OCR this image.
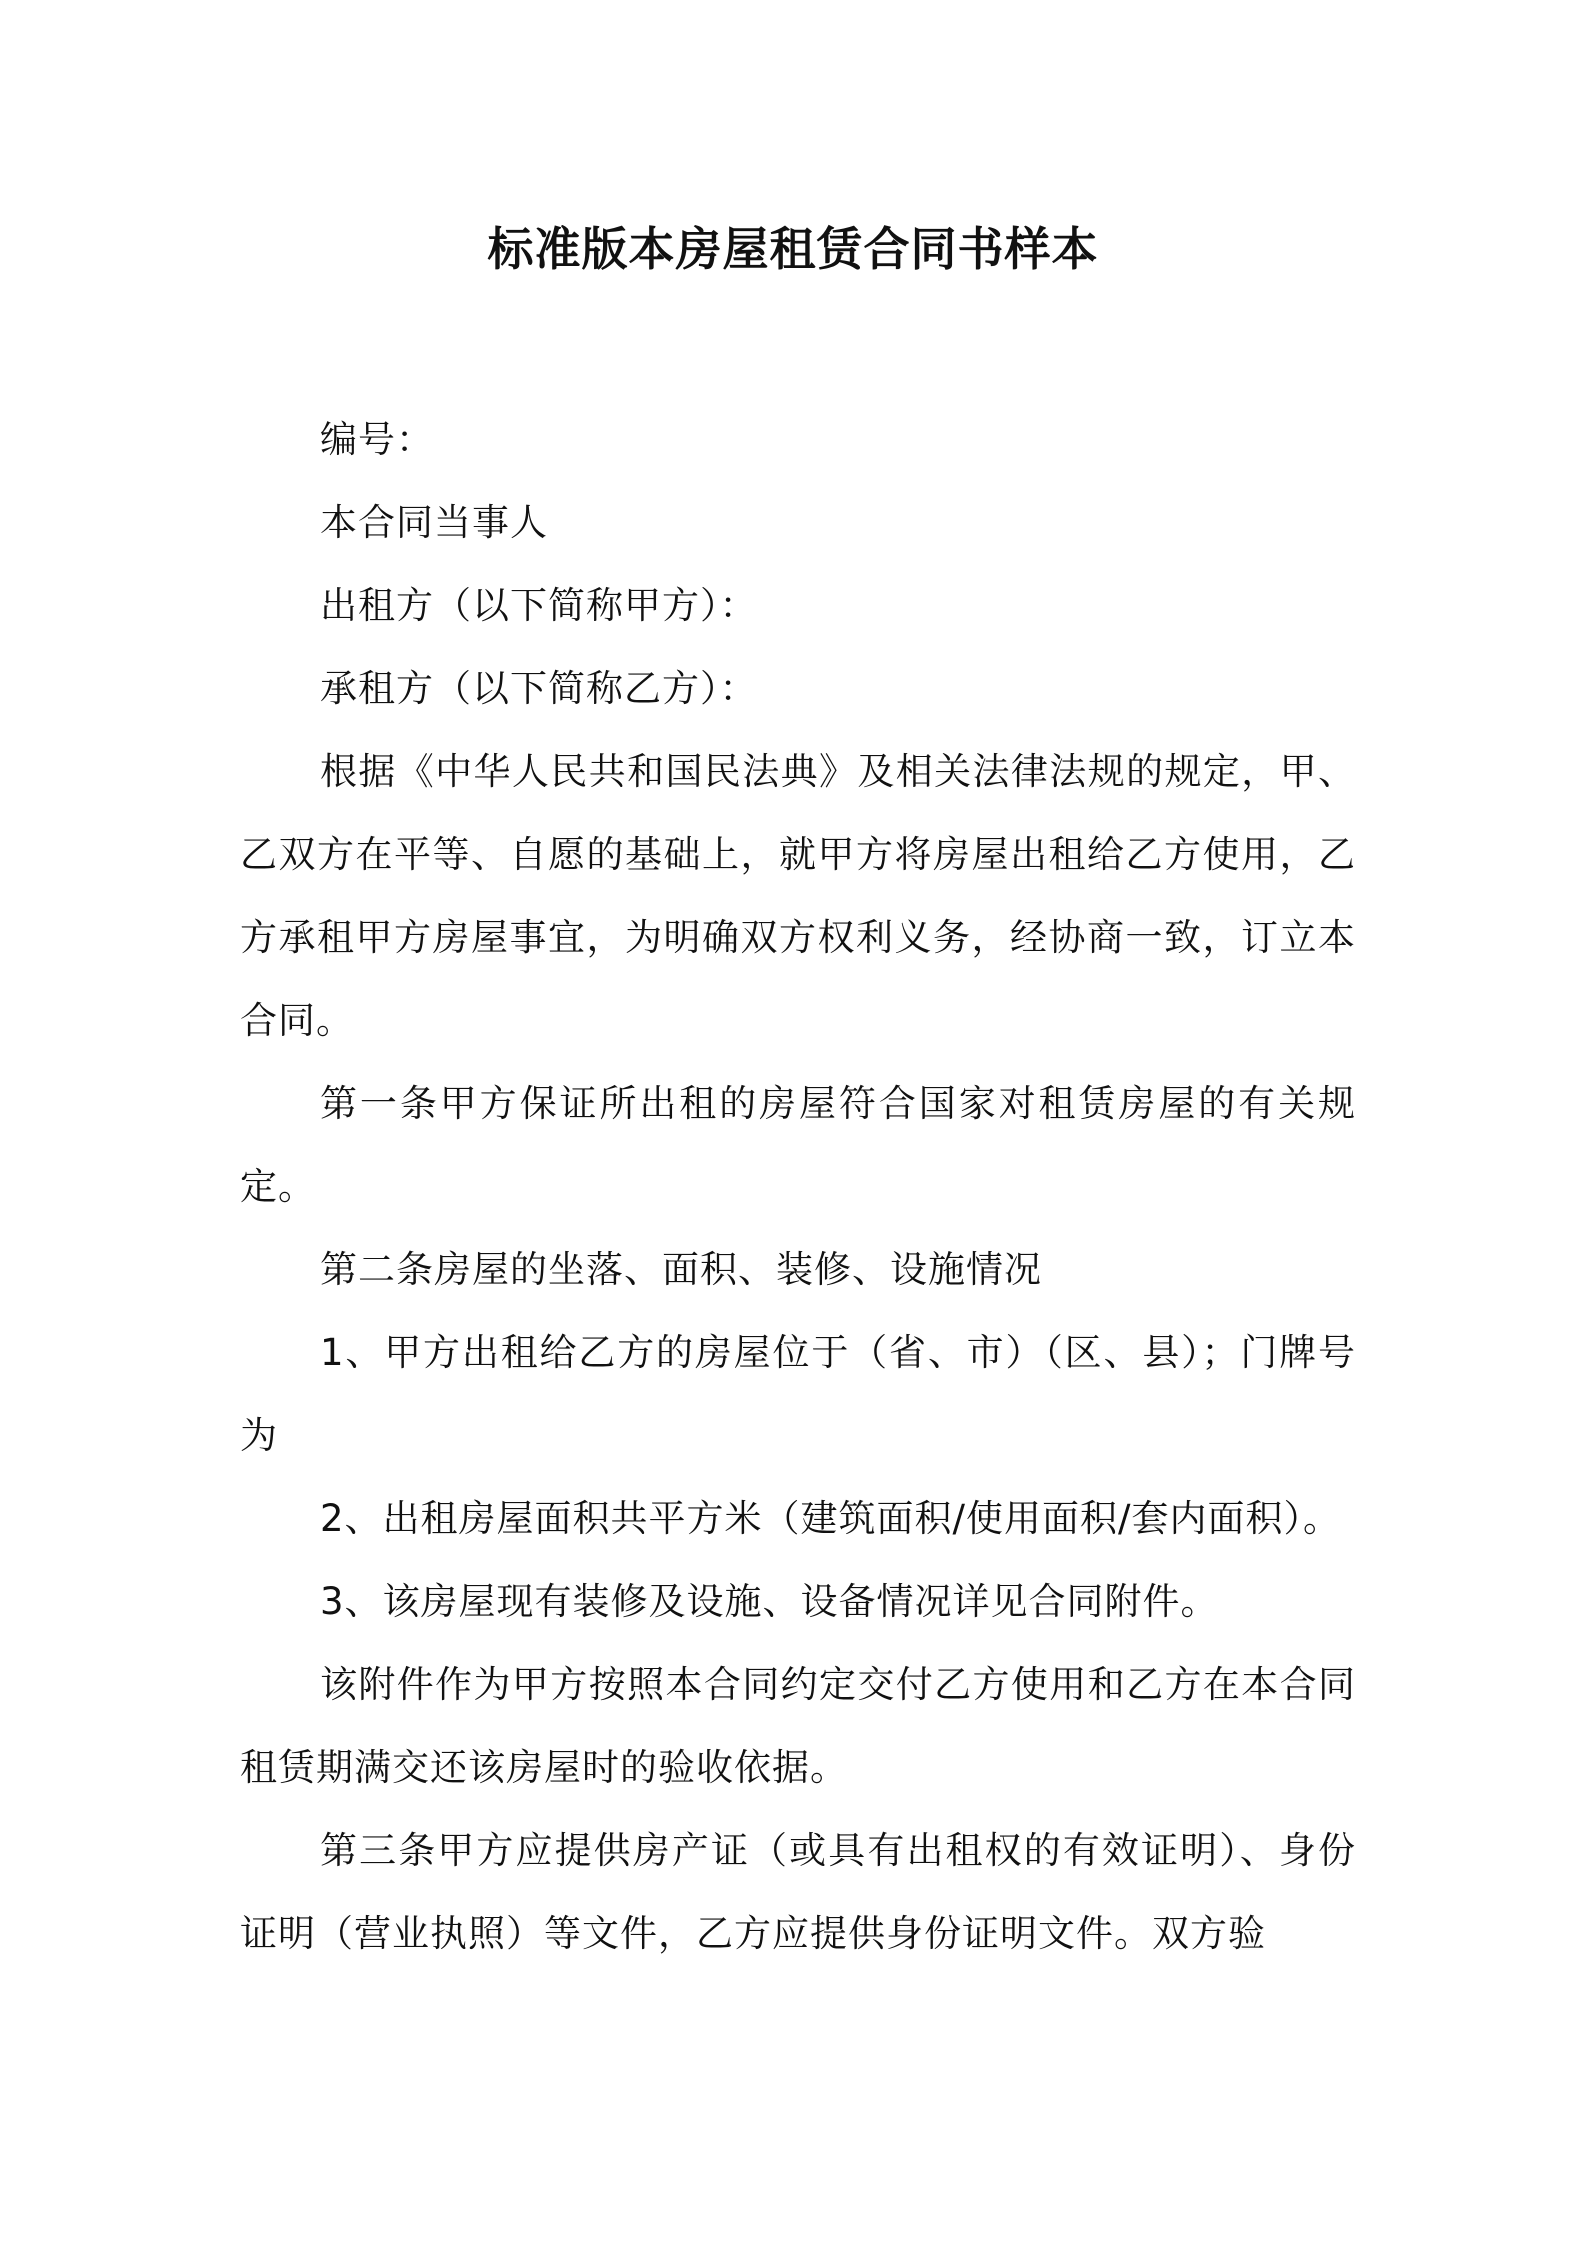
标准版本房屋租赁合同书样本

编号：

本合同当事人

出租方（以下简称甲方）：

承租方（以下简称乙方）：

根据《中华人民共和国民法典》及相关法律法规的规定，甲、乙双方在平等、自愿的基础上，就甲方将房屋出租给乙方使用，乙方承租甲方房屋事宜，为明确双方权利义务，经协商一致，订立本合同。

第一条甲方保证所出租的房屋符合国家对租赁房屋的有关规定。

第二条房屋的坐落、面积、装修、设施情况

1、甲方出租给乙方的房屋位于（省、市）（区、县）；门牌号为

2、出租房屋面积共平方米（建筑面积/使用面积/套内面积）。

3、该房屋现有装修及设施、设备情况详见合同附件。

该附件作为甲方按照本合同约定交付乙方使用和乙方在本合同租赁期满交还该房屋时的验收依据。

第三条甲方应提供房产证（或具有出租权的有效证明）、身份证明（营业执照）等文件，乙方应提供身份证明文件。双方验
